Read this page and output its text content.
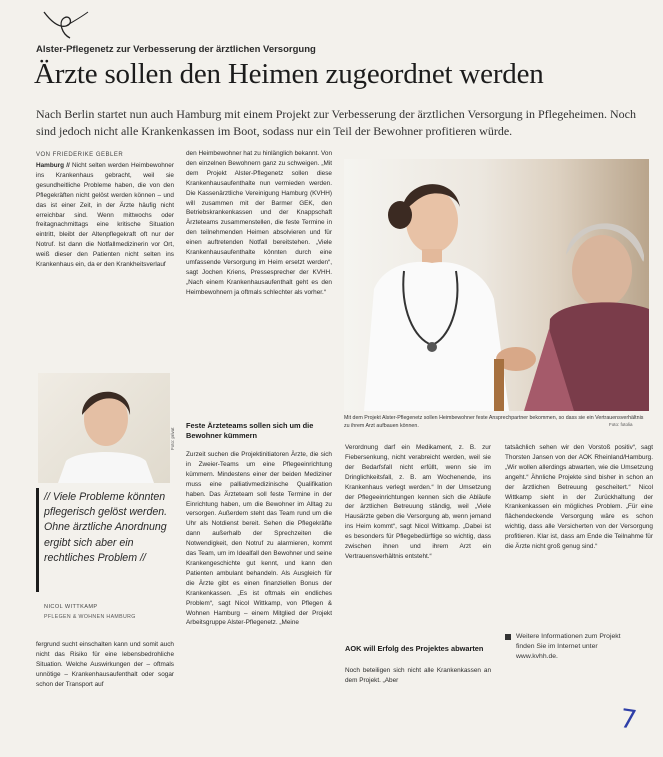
Alster-Pflegenetz zur Verbesserung der ärztlichen Versorgung
Ärzte sollen den Heimen zugeordnet werden

Nach Berlin startet nun auch Hamburg mit einem Projekt zur Verbesserung der ärztlichen Versorgung in Pflegeheimen. Noch sind jedoch nicht alle Krankenkassen im Boot, sodass nur ein Teil der Bewohner profitieren würde.

VON FRIEDERIKE GEBLER

Hamburg // Nicht selten werden Heimbewohner ins Krankenhaus gebracht, weil sie gesundheitliche Probleme haben, die von den Pflegekräften nicht gelöst werden können – und das ist einer Zeit, in der Ärzte häufig nicht erreichbar sind. Wenn mittwochs oder freitagnachmittags eine kritische Situation eintritt, bleibt der Altenpflegekraft oft nur der Notruf. Ist dann die Notfallmedizinerin vor Ort, weiß dieser den Patienten nicht selten ins Krankenhaus ein, da er den Krankheitsverlauf

den Heimbewohner hat zu hinlänglich bekannt. Von den einzelnen Bewohnern ganz zu schweigen. „Mit dem Projekt Alster-Pflegenetz sollen diese Krankenhausaufenthalte nun vermieden werden. Die Kassenärztliche Vereinigung Hamburg (KVHH) will zusammen mit der Barmer GEK, den Betriebskrankenkassen und der Knappschaft Ärzteteams zusammenstellen, die feste Termine in den teilnehmenden Heimen absolvieren und für einen auftretenden Notfall bereitstehen. „Viele Krankenhausaufenthalte könnten durch eine umfassende Versorgung im Heim ersetzt werden“, sagt Jochen Kriens, Pressesprecher der KVHH. „Nach einem Krankenhausaufenthalt geht es den Heimbewohnern ja oftmals schlechter als vorher.“

Feste Ärzteteams sollen sich um die Bewohner kümmern

Zurzeit suchen die Projektinitiatoren Ärzte, die sich in Zweier-Teams um eine Pflegeeinrichtung kümmern. Mindestens einer der beiden Mediziner muss eine palliativmedizinische Qualifikation haben. Das Ärzteteam soll feste Termine in der Einrichtung haben, um die Bewohner im Alltag zu versorgen. Außerdem steht das Team rund um die Uhr als Notdienst bereit. Sehen die Pflegekräfte dann außerhalb der Sprechzeiten die Notwendigkeit, den Notruf zu alarmieren, kommt das Team, um im Idealfall den Bewohner und seine Krankengeschichte gut kennt, und kann den Patienten ambulant behandeln. Als Ausgleich für die Ärzte gibt es einen finanziellen Bonus der Krankenkassen. „Es ist oftmals ein endliches Problem“, sagt Nicol Wittkamp, von Pflegen & Wohnen Hamburg – einem Mitglied der Projekt Arbeitsgruppe Alster-Pflegenetz. „Meine

Mit dem Projekt Alster-Pflegenetz sollen Heimbewohner feste Ansprechpartner bekommen, so dass sie ein Vertrauensverhältnis zu ihrem Arzt aufbauen können.	Foto: fotolia
Foto: privat
// Viele Probleme könnten pflegerisch gelöst werden. Ohne ärztliche Anordnung ergibt sich aber ein rechtliches Problem //
NICOL WITTKAMP
PFLEGEN & WOHNEN HAMBURG

fergrund sucht einschalten kann und somit auch nicht das Risiko für eine lebensbedrohliche Situation. Welche Auswirkungen der – oftmals unnötige – Krankenhausaufenthalt oder sogar schon der Transport auf

Verordnung darf ein Medikament, z. B. zur Fiebersenkung, nicht verabreicht werden, weil sie der Bedarfsfall nicht erfüllt, wenn sie im Dringlichkeitsfall, z. B. am Wochenende, ins Krankenhaus verlegt werden.“ In der Umsetzung der Pflegeeinrichtungen kennen sich die Abläufe der ärztlichen Betreuung ständig, weil „Viele Hausärzte geben die Versorgung ab, wenn jemand ins Heim kommt“, sagt Nicol Wittkamp. „Dabei ist es besonders für Pflegebedürftige so wichtig, dass zwischen ihnen und ihrem Arzt ein Vertrauensverhältnis entsteht.“

AOK will Erfolg des Projektes abwarten

Noch beteiligen sich nicht alle Krankenkassen an dem Projekt. „Aber

tatsächlich sehen wir den Vorstoß positiv“, sagt Thorsten Jansen von der AOK Rheinland/Hamburg. „Wir wollen allerdings abwarten, wie die Umsetzung angeht.“ Ähnliche Projekte sind bisher in schon an der ärztlichen Betreuung gescheitert.“ Nicol Wittkamp sieht in der Zurückhaltung der Krankenkassen ein mögliches Problem. „Für eine flächendeckende Versorgung wäre es schon wichtig, dass alle Versicherten von der Versorgung profitieren. Klar ist, dass am Ende die Teilnahme für die Ärzte nicht groß genug sind.“

Weitere Informationen zum Projekt finden Sie im Internet unter www.kvhh.de.
7
